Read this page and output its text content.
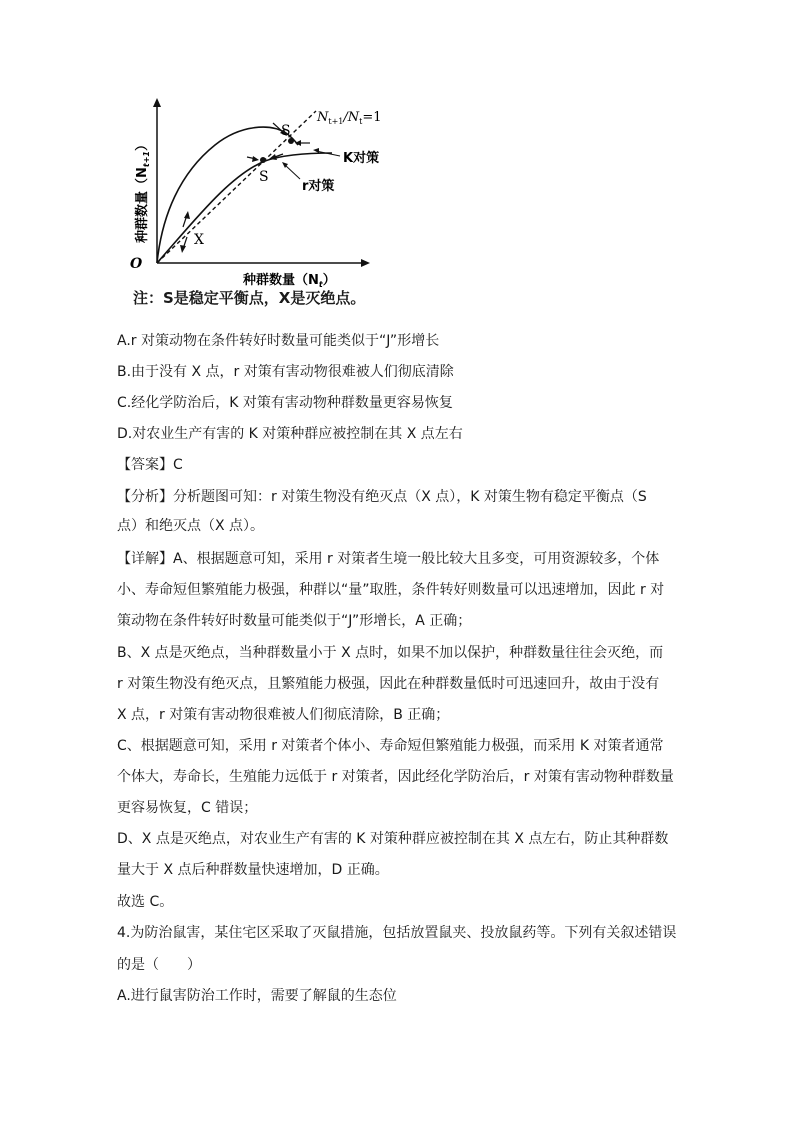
O
X
S
S
K对策
r对策
$N_{t+1}/N_t=1$
种群数量$(N_t)$
种群数量$(N_{t+1})$
注：S是稳定平衡点，X是灭绝点。
A.r 对策动物在条件转好时数量可能类似于“J”形增长
B.由于没有 X 点，r 对策有害动物很难被人们彻底清除
C.经化学防治后，K 对策有害动物种群数量更容易恢复
D.对农业生产有害的 K 对策种群应被控制在其 X 点左右
【答案】C
【分析】分析题图可知：r 对策生物没有绝灭点（X 点），K 对策生物有稳定平衡点（S
点）和绝灭点（X 点）。
【详解】A、根据题意可知，采用 r 对策者生境一般比较大且多变，可用资源较多，个体
小、寿命短但繁殖能力极强，种群以“量”取胜，条件转好则数量可以迅速增加，因此 r 对
策动物在条件转好时数量可能类似于“J”形增长，A 正确；
B、X 点是灭绝点，当种群数量小于 X 点时，如果不加以保护，种群数量往往会灭绝，而
r 对策生物没有绝灭点，且繁殖能力极强，因此在种群数量低时可迅速回升，故由于没有
X 点，r 对策有害动物很难被人们彻底清除，B 正确；
C、根据题意可知，采用 r 对策者个体小、寿命短但繁殖能力极强，而采用 K 对策者通常
个体大，寿命长，生殖能力远低于 r 对策者，因此经化学防治后，r 对策有害动物种群数量
更容易恢复，C 错误；
D、X 点是灭绝点，对农业生产有害的 K 对策种群应被控制在其 X 点左右，防止其种群数
量大于 X 点后种群数量快速增加，D 正确。
故选 C。
4.为防治鼠害，某住宅区采取了灭鼠措施，包括放置鼠夹、投放鼠药等。下列有关叙述错误
的是（　　）
A.进行鼠害防治工作时，需要了解鼠的生态位
